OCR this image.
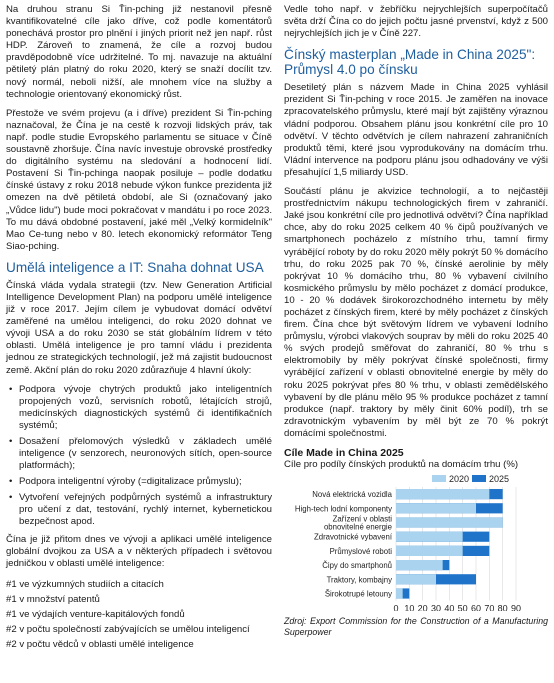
Na druhou stranu Si Ťin-pching již nestanovil přesně kvantifikovatelné cíle jako dříve, což podle komentátorů ponechává prostor pro plnění i jiných priorit než jen např. růst HDP. Zároveň to znamená, že cíle a rozvoj budou pravděpodobně více udržitelné. To mj. navazuje na aktuální pětiletý plán platný do roku 2020, který se snaží docílit tzv. nový normál, neboli nižší, ale mnohem více na služby a technologie orientovaný ekonomický růst.

Přestože ve svém projevu (a i dříve) prezident Si Ťin-pching naznačoval, že Čína je na cestě k rozvoji lidských práv, tak např. podle studie Evropského parlamentu se situace v Číně soustavně zhoršuje. Čína navíc investuje obrovské prostředky do digitálního systému na sledování a hodnocení lidí. Postavení Si Ťin-pchinga naopak posiluje – podle dodatku čínské ústavy z roku 2018 nebude výkon funkce prezidenta již omezen na dvě pětiletá období, ale Si (označovaný jako „Vůdce lidu") bude moci pokračovat v mandátu i po roce 2023. To mu dává obdobné postavení, jaké měl „Velký kormidelník" Mao Ce-tung nebo v 80. letech ekonomický reformátor Teng Siao-pching.

Umělá inteligence a IT: Snaha dohnat USA

Čínská vláda vydala strategii (tzv. New Generation Artificial Intelligence Development Plan) na podporu umělé inteligence již v roce 2017. Jejím cílem je vybudovat domácí odvětví zaměřené na umělou inteligenci, do roku 2020 dohnat ve vývoji USA a do roku 2030 se stát globálním lídrem v této oblasti. Umělá inteligence je pro tamní vládu i prezidenta jednou ze strategických technologií, jež má zajistit budoucnost země. Akční plán do roku 2020 zdůrazňuje 4 hlavní úkoly:

• Podpora vývoje chytrých produktů jako inteligentních propojených vozů, servisních robotů, létajících strojů, medicínských diagnostických systémů či identifikačních systémů;
• Dosažení přelomových výsledků v základech umělé inteligence (v senzorech, neuronových sítích, open-source platformách);
• Podpora inteligentní výroby (=digitalizace průmyslu);
• Vytvoření veřejných podpůrných systémů a infrastruktury pro učení z dat, testování, rychlý internet, kybernetickou bezpečnost apod.

Čína je již přitom dnes ve vývoji a aplikaci umělé inteligence globální dvojkou za USA a v některých případech i světovou jedničkou v oblasti umělé inteligence:

#1 ve výzkumných studiích a citacích

#1 v množství patentů

#1 ve výdajích venture-kapitálových fondů

#2 v počtu společností zabývajících se umělou inteligencí

#2 v počtu vědců v oblasti umělé inteligence

Vedle toho např. v žebříčku nejrychlejších superpočítačů světa drží Čína co do jejich počtu jasné prvenství, když z 500 nejrychlejších jich je v Číně 227.

Čínský masterplan „Made in China 2025": Průmysl 4.0 po čínsku

Desetiletý plán s názvem Made in China 2025 vyhlásil prezident Si Ťin-pching v roce 2015. Je zaměřen na inovace zpracovatelského průmyslu, které mají být zajištěny výraznou vládní podporou. Obsahem plánu jsou konkrétní cíle pro 10 odvětví. V těchto odvětvích je cílem nahrazení zahraničních produktů těmi, které jsou vyprodukovány na domácím trhu. Vládní intervence na podporu plánu jsou odhadovány ve výši přesahující 1,5 miliardy USD.

Součástí plánu je akvizice technologií, a to nejčastěji prostřednictvím nákupu technologických firem v zahraničí. Jaké jsou konkrétní cíle pro jednotlivá odvětví? Čína například chce, aby do roku 2025 celkem 40 % čipů používaných ve smartphonech pocházelo z místního trhu, tamní firmy vyrábějící roboty by do roku 2020 měly pokrýt 50 % domácího trhu, do roku 2025 pak 70 %, čínské aerolinie by měly pokrývat 10 % domácího trhu, 80 % vybavení civilního kosmického průmyslu by mělo pocházet z domácí produkce, 10 - 20 % dodávek širokorozchodného internetu by měly pocházet z čínských firem, které by měly pocházet z čínských firem. Čína chce být světovým lídrem ve vybavení lodního průmyslu, výrobci vlakových souprav by měli do roku 2025 40 % svých prodejů směřovat do zahraničí, 80 % trhu s elektromobily by měly pokrývat čínské společnosti, firmy vyrábějící zařízení v oblasti obnovitelné energie by měly do roku 2025 pokrývat přes 80 % trhu, v oblasti zemědělského vybavení by dle plánu mělo 95 % produkce pocházet z tamní produkce (např. traktory by měly činit 60% podíl), trh se zdravotnickým vybavením by měl být ze 70 % pokrýt domácími společnostmi.

Cíle Made in China 2025
Cíle pro podíly čínských produktů na domácím trhu (%)
0 10 20 30 40 50 60 70 80 90
2020 2025
Nová elektrická vozidla
High-tech lodní komponenty
Zařízení v oblasti obnovitelné energie
Zdravotnické vybavení
Průmyslové roboti
Čipy do smartphonů
Traktory, kombajny
Širokotrupé letouny

Zdroj: Export Commission for the Construction of a Manufacturing Superpower
